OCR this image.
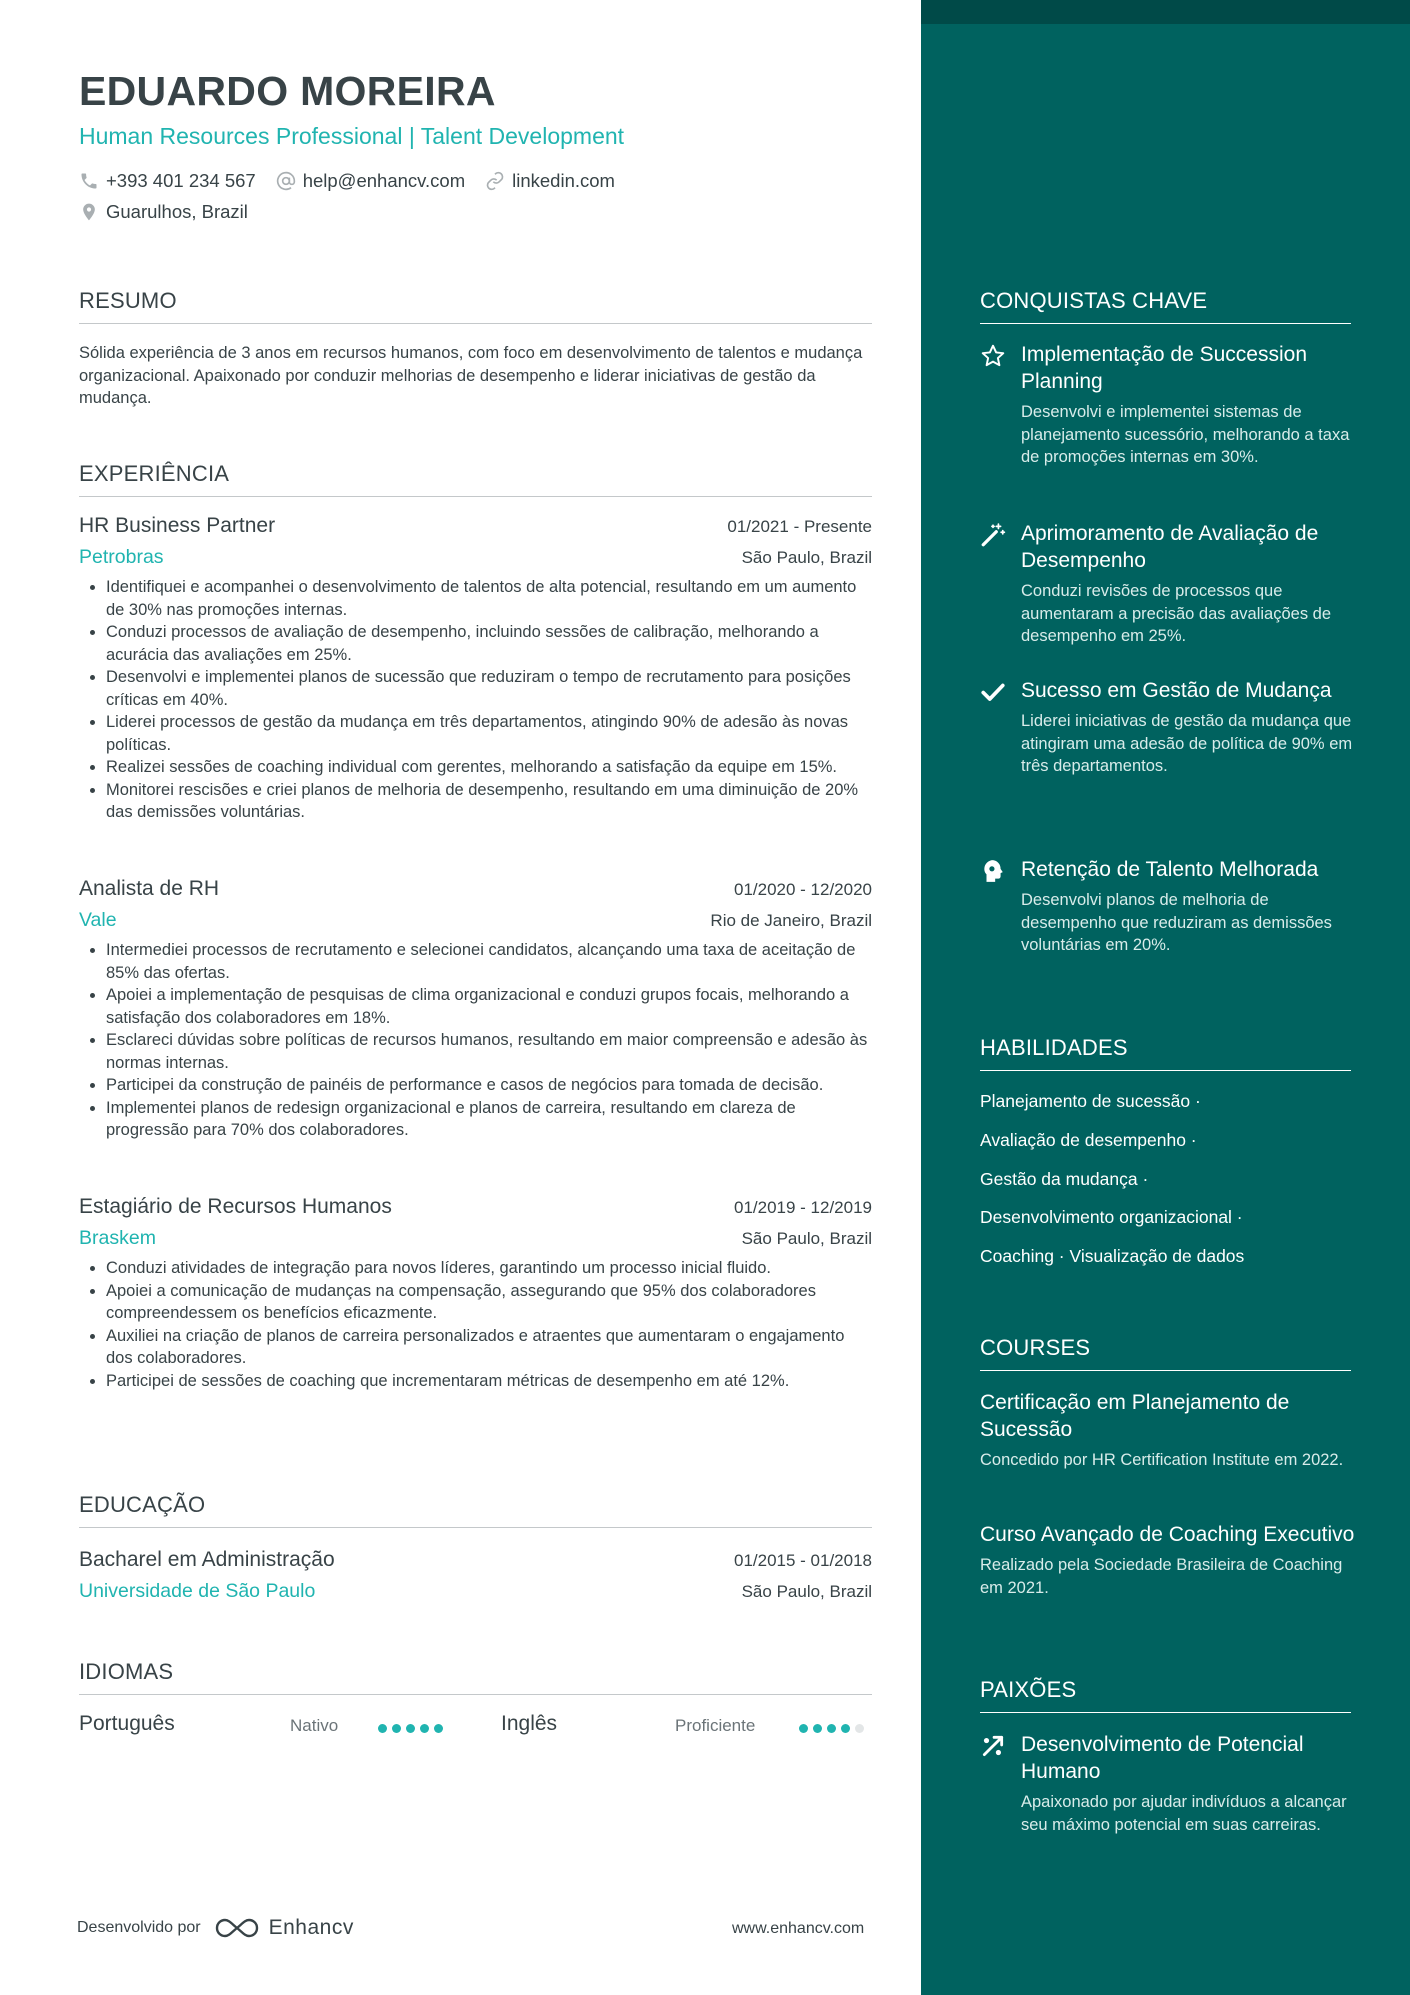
EDUARDO MOREIRA
Human Resources Professional | Talent Development
+393 401 234 567	help@enhancv.com	linkedin.com
Guarulhos, Brazil
RESUMO
Sólida experiência de 3 anos em recursos humanos, com foco em desenvolvimento de talentos e mudança organizacional. Apaixonado por conduzir melhorias de desempenho e liderar iniciativas de gestão da mudança.
EXPERIÊNCIA
HR Business Partner	01/2021 - Presente
Petrobras	São Paulo, Brazil
• Identifiquei e acompanhei o desenvolvimento de talentos de alta potencial, resultando em um aumento de 30% nas promoções internas.
• Conduzi processos de avaliação de desempenho, incluindo sessões de calibração, melhorando a acurácia das avaliações em 25%.
• Desenvolvi e implementei planos de sucessão que reduziram o tempo de recrutamento para posições críticas em 40%.
• Liderei processos de gestão da mudança em três departamentos, atingindo 90% de adesão às novas políticas.
• Realizei sessões de coaching individual com gerentes, melhorando a satisfação da equipe em 15%.
• Monitorei rescisões e criei planos de melhoria de desempenho, resultando em uma diminuição de 20% das demissões voluntárias.
Analista de RH	01/2020 - 12/2020
Vale	Rio de Janeiro, Brazil
• Intermediei processos de recrutamento e selecionei candidatos, alcançando uma taxa de aceitação de 85% das ofertas.
• Apoiei a implementação de pesquisas de clima organizacional e conduzi grupos focais, melhorando a satisfação dos colaboradores em 18%.
• Esclareci dúvidas sobre políticas de recursos humanos, resultando em maior compreensão e adesão às normas internas.
• Participei da construção de painéis de performance e casos de negócios para tomada de decisão.
• Implementei planos de redesign organizacional e planos de carreira, resultando em clareza de progressão para 70% dos colaboradores.
Estagiário de Recursos Humanos	01/2019 - 12/2019
Braskem	São Paulo, Brazil
• Conduzi atividades de integração para novos líderes, garantindo um processo inicial fluido.
• Apoiei a comunicação de mudanças na compensação, assegurando que 95% dos colaboradores compreendessem os benefícios eficazmente.
• Auxiliei na criação de planos de carreira personalizados e atraentes que aumentaram o engajamento dos colaboradores.
• Participei de sessões de coaching que incrementaram métricas de desempenho em até 12%.
EDUCAÇÃO
Bacharel em Administração	01/2015 - 01/2018
Universidade de São Paulo	São Paulo, Brazil
IDIOMAS
Português	Nativo	Inglês	Proficiente
Desenvolvido por	Enhancv	www.enhancv.com
CONQUISTAS CHAVE
Implementação de Succession Planning
Desenvolvi e implementei sistemas de planejamento sucessório, melhorando a taxa de promoções internas em 30%.
Aprimoramento de Avaliação de Desempenho
Conduzi revisões de processos que aumentaram a precisão das avaliações de desempenho em 25%.
Sucesso em Gestão de Mudança
Liderei iniciativas de gestão da mudança que atingiram uma adesão de política de 90% em três departamentos.
Retenção de Talento Melhorada
Desenvolvi planos de melhoria de desempenho que reduziram as demissões voluntárias em 20%.
HABILIDADES
Planejamento de sucessão ·
Avaliação de desempenho ·
Gestão da mudança ·
Desenvolvimento organizacional ·
Coaching · Visualização de dados
COURSES
Certificação em Planejamento de Sucessão
Concedido por HR Certification Institute em 2022.
Curso Avançado de Coaching Executivo
Realizado pela Sociedade Brasileira de Coaching em 2021.
PAIXÕES
Desenvolvimento de Potencial Humano
Apaixonado por ajudar indivíduos a alcançar seu máximo potencial em suas carreiras.
